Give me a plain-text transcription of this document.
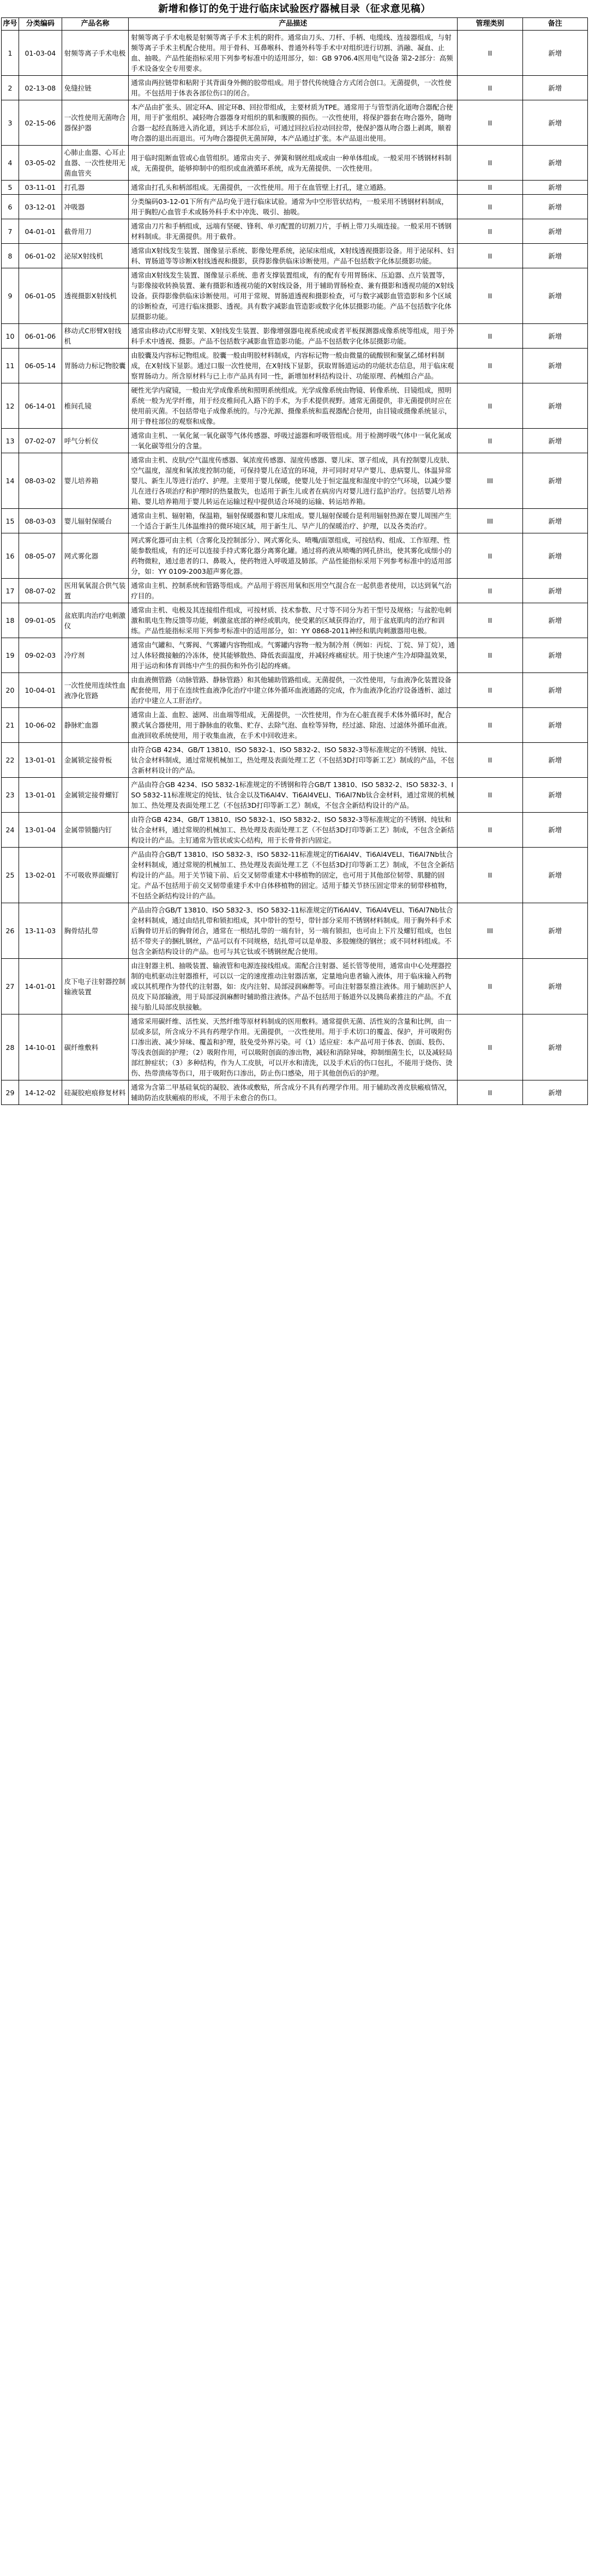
新增和修订的免于进行临床试验医疗器械目录（征求意见稿）
序号	分类编码	产品名称	产品描述	管理类别	备注
1	01-03-04	射频等离子手术电极	射频等离子手术电极是射频等离子手术主机的附件。通常由刀头、刀杆、手柄、电缆线、连接器组成，与射频等离子手术主机配合使用。用于骨科、耳鼻喉科、普通外科等手术中对组织进行切割、消融、凝血、止血、抽吸。产品性能指标采用下列参考标准中的适用部分，如：GB 9706.4医用电气设备 第2-2部分：高频手术设备安全专用要求。	II	新增
2	02-13-08	免缝拉链	通常由两拉链带和粘附于其背面身外侧的胶带组成。用于替代传统缝合方式闭合创口。无菌提供，一次性使用。不包括用于体表各部位伤口的闭合。	II	新增
3	02-15-06	一次性使用无菌吻合器保护器	本产品由扩张头、固定环A、固定环B、回拉带组成，主要材质为TPE。通常用于与管型消化道吻合器配合使用，用于扩张组织、减轻吻合器器身对组织的肌和腹膜的损伤。一次性使用，将保护器套在吻合器外，随吻合器一起经直肠进入消化道，到达手术部位后，可通过回拉后拉动回拉带，使保护器从吻合器上剥离，顺着吻合器的退出而退出。可为吻合器提供无菌屏障，本产品通过扩张。本产品退出使用。	II	新增
4	03-05-02	心肺止血器、心耳止血器、一次性使用无菌血管夹	用于临时阻断血管或心血管组织。通常由夹子、弹簧和钢丝组成或由一种单体组成。一般采用不锈钢材料制成，无菌提供，能够抑制中的组织或血液循环系统，成为无菌提供、一次性使用。	II	新增
5	03-11-01	打孔器	通常由打孔头和柄部组成。无菌提供，一次性使用。用于在血管壁上打孔，建立通路。	II	新增
6	03-12-01	冲吸器	分类编码03-12-01下所有产品均免于进行临床试验。通常为中空形管状结构，一般采用不锈钢材料制成，用于胸腔/心血管手术或肠外科手术中冲洗、吸引、抽吸。	II	新增
7	04-01-01	截骨用刀	通常由刀片和手柄组成，远端有坚硬、锋利、单刃配置的切割刀片，手柄上带刀头端连接。一般采用不锈钢材料制成。非无菌提供。用于截骨。	II	新增
8	06-01-02	泌尿X射线机	通常由X射线发生装置、图像显示系统、影像处理系统，泌尿床组成，X射线透视摄影设备。用于泌尿科、妇科、胃肠道等等诊断X射线透视和摄影，获得影像供临床诊断使用。产品不包括数字化体层摄影功能。	II	新增
9	06-01-05	透视摄影X射线机	通常由X射线发生装置、图像显示系统、患者支撑装置组成，有的配有专用胃肠床、压迫器、点片装置等，与影像接收转换装置、兼有摄影和透视功能的X射线设备，用于辅助胃肠检查、兼有摄影和透视功能的X射线设备。获得影像供临床诊断使用。可用于常规、胃肠道透视和摄影检查，可与数字减影血管造影和多个区域的诊断检查，可进行临床摄影、透视。具有数字减影血管造影或数字化体层摄影功能。产品不包括数字化体层摄影功能。	II	新增
10	06-01-06	移动式C形臂X射线机	通常由移动式C形臂支架、X射线发生装置、影像增强器电视系统或或者平板探测器成像系统等组成，用于外科手术中透视、摄影。产品不包括数字减影血管造影功能。产品不包括数字化体层摄影功能。	II	新增
11	06-05-14	胃肠动力标记物胶囊	由胶囊及内容标记物组成。胶囊一般由明胶材料制成，内容标记物一般由微量的硫酸钡和聚氯乙烯材料制成，在X射线下显影。通过口服一次性使用，在X射线下显影，获取胃肠道运动的功能状态信息，用于临床观察胃肠动力。所含原材料与已上市产品具有同一性，新增加材料结构设计、功能原理、药械组合产品。	II	新增
12	06-14-01	椎间孔镜	硬性光学内窥镜，一般由光学成像系统和照明系统组成。光学成像系统由物镜、转像系统、目镜组成，照明系统一般为光学纤维，用于经皮椎间孔入路下的手术，为手术提供视野。通常无菌提供，非无菌提供时应在使用前灭菌。不包括带电子成像系统的。与冷光源、摄像系统和监视器配合使用，由目镜或摄像系统显示，用于脊柱部位的观察和成像。	II	新增
13	07-02-07	呼气分析仪	通常由主机、一氧化氮一氧化碳等气体传感器、呼吸过滤器和呼吸管组成。用于检测呼吸气体中一氧化氮或一氧化碳等组分的含量。	II	新增
14	08-03-02	婴儿培养箱	通常由主机、皮肤/空气温度传感器、氧浓度传感器、湿度传感器、婴儿床、罩子组成，具有控制婴儿皮肤、空气温度，湿度和氧浓度控制功能，可保持婴儿在适宜的环境，并可同时对早产婴儿、患病婴儿、体温异常婴儿、新生儿等进行治疗、护理。主要用于婴儿保暖，使婴儿处于恒定温度和湿度中的空气环境，以减少婴儿在进行各项治疗和护理时的热量散失，也适用于新生儿或者在病房内对婴儿进行监护治疗。包括婴儿培养箱、婴儿培养箱用于婴儿转运在运输过程中提供适合环境的运输、转运培养箱。	III	新增
15	08-03-03	婴儿辐射保暖台	通常由主机、辐射箱，保温箱，辐射保暖器和婴儿床组成。婴儿辐射保暖台是利用辐射热源在婴儿周围产生一个适合于新生儿体温维持的微环境区域，用于新生儿、早产儿的保暖治疗、护理，以及各类治疗。	III	新增
16	08-05-07	网式雾化器	网式雾化器可由主机（含雾化及控制部分）、网式雾化头、喷嘴/面罩组成，可按结构、组成、工作原理、性能参数组成，有的还可以连接手持式雾化器分离雾化罐。通过将药液从喷嘴的网孔挤出，使其雾化成细小的药物微粒，通过患者的口、鼻吸入，使药物进入呼吸道及肺部。产品性能指标采用下列参考标准中的适用部分，如：YY 0109-2003超声雾化器。	II	新增
17	08-07-02	医用氧氧混合供气装置	通常由主机、控制系统和管路等组成。产品用于将医用氧和医用空气混合在一起供患者使用，以达到氧气治疗目的。	II	新增
18	09-01-05	盆底肌肉治疗电刺激仪	通常由主机、电极及其连接组件组成，可按材质、技术参数、尺寸等不同分为若干型号及规格；与盆腔电刺激和肌电生物反馈等功能，刺激盆底部的神经或肌肉，使受累的区域获得治疗，用于盆底肌肉的治疗和训练。产品性能指标采用下列参考标准中的适用部分，如：YY 0868-2011神经和肌肉刺激器用电极。	II	新增
19	09-02-03	冷疗剂	通常由气罐和、气雾阀、气雾罐内容物组成。气雾罐内容物一般为制冷剂（例如：丙烷、丁烷、异丁烷），通过人体轻微接触的冷冻体，使其能够散热、降低表面温度，并减轻疼痛症状。用于快速产生冷却降温效果，用于运动和体育训练中产生的损伤和外伤引起的疼痛。	II	新增
20	10-04-01	一次性使用连续性血液净化管路	由血液侧管路（动脉管路、静脉管路）和其他辅助管路组成。无菌提供，一次性使用，与血液净化装置设备配套使用，用于在连续性血液净化治疗中建立体外循环血液通路的完成，作为血液净化治疗设备透析、滤过治疗中建立人工肝治疗。	II	新增
21	10-06-02	静脉贮血器	通常由上盖、血腔、滤网、出血端等组成，无菌提供，一次性使用，作为在心脏直视手术体外循环时，配合膜式氧合器使用，用于静脉血的收集、贮存、去除气泡、血栓等异物，经过滤、除泡、过滤体外循环血液。血液回收系统使用，用于收集血液，在手术中回收进来。	II	新增
22	13-01-01	金属锁定接骨板	由符合GB 4234、GB/T 13810、ISO 5832-1、ISO 5832-2、ISO 5832-3等标准规定的不锈钢、纯钛、钛合金材料制成，通过常规机械加工，热处理及表面处理工艺（不包括3D打印等新工艺）制成的产品，不包含新材料设计的产品。	II	新增
23	13-01-01	金属锁定接骨螺钉	产品由符合GB 4234、ISO 5832-1标准规定的不锈钢和符合GB/T 13810、ISO 5832-2、ISO 5832-3、ISO 5832-11标准规定的纯钛、钛合金以及Ti6Al4V、Ti6Al4VELI、Ti6Al7Nb钛合金材料，通过常规的机械加工、热处理及表面处理工艺（不包括3D打印等新工艺）制成，不包含全新结构设计的产品。	II	新增
24	13-01-04	金属带锁髓内钉	由符合GB 4234、GB/T 13810、ISO 5832-1、ISO 5832-2、ISO 5832-3等标准规定的不锈钢、纯钛和钛合金材料，通过常规的机械加工、热处理及表面处理工艺（不包括3D打印等新工艺）制成，不包含全新结构设计的产品。主钉通常为管状或实心结构，用于长骨骨折内固定。	II	新增
25	13-02-01	不可吸收界面螺钉	产品由符合GB/T 13810、ISO 5832-3、ISO 5832-11标准规定的Ti6Al4V、Ti6Al4VELI、Ti6Al7Nb钛合金材料制成，通过常规的机械加工、热处理及表面处理工艺（不包括3D打印等新工艺）制成，不包含全新结构设计的产品。用于关节镜下前、后交叉韧带重建术中移植物的固定，也可用于其他部位韧带、肌腱的固定。产品不包括用于前交叉韧带重建手术中自体移植物的固定。适用于膝关节挤压固定带来的韧带移植物，不包括全新结构设计的产品。	II	新增
26	13-11-03	胸骨结扎带	产品由符合GB/T 13810、ISO 5832-3、ISO 5832-11标准规定的Ti6Al4V、Ti6Al4VELI、Ti6Al7Nb钛合金材料制成，通过由结扎带和锁扣组成，其中带针的型号，带针部分采用不锈钢材料制成。用于胸外科手术后胸骨切开后的胸骨闭合，通常在一根结扎带的一端有针，另一端有锁扣，也可由上下片及螺钉组成，也包括不带夹子的捆扎钢丝，产品可以有不同规格，结扎带可以是单股、多股缠绕的钢丝；或不同材料组成。不包含全新结构设计的产品。也可与其它钛或不锈钢丝配合使用。	III	新增
27	14-01-01	皮下电子注射器控制输液装置	由注射器主机、抽吸装置、输液管和电源连接线组成。需配合注射器、延长管等使用，通常由中心处理器控制的电机驱动注射器推杆，可以以一定的速度推动注射器活塞，定量地向患者输入液体，用于临床输入药物或以其机理作为替代的注射器，如：皮内注射、局部浸润麻醉等。可由注射器泵推注液体。用于辅助医护人员皮下局部输液，用于局部浸润麻醉时辅助推注液体。产品不包括用于肠道外以及胰岛素推注的产品。不直接与胎儿局部皮肤接触。	II	新增
28	14-10-01	碳纤维敷料	通常采用碳纤维、活性炭、天然纤维等原材料制成的医用敷料。通常提供无菌、活性炭的含量和比例，由一层或多层，所含成分不具有药理学作用。无菌提供，一次性使用。用于手术切口的覆盖、保护，并可吸附伤口渗出液、减少异味、覆盖和护理，肢免受外界污染。可（1）适应症：本产品可用于体表、创面、肢伤、等浅表创面的护理；（2）吸附作用，可以吸附创面的渗出物，减轻和消除异味，抑制细菌生长，以及减轻局部红肿症状；（3）多种结构，作为人工皮肤，可以开水和清洗，以及手术后的伤口包扎，不能用于烧伤、烫伤、热带溃疡等伤口，用于吸附伤口渗出，防止伤口感染，用于其他创伤后的护理。	II	新增
29	14-12-02	硅凝胶疤痕修复材料	通常为含第二甲基硅氧烷的凝胶、液体或敷贴，所含成分不具有药理学作用。用于辅助改善皮肤瘢痕情况，辅助防治皮肤瘢痕的形成，不用于未愈合的伤口。	II	新增
